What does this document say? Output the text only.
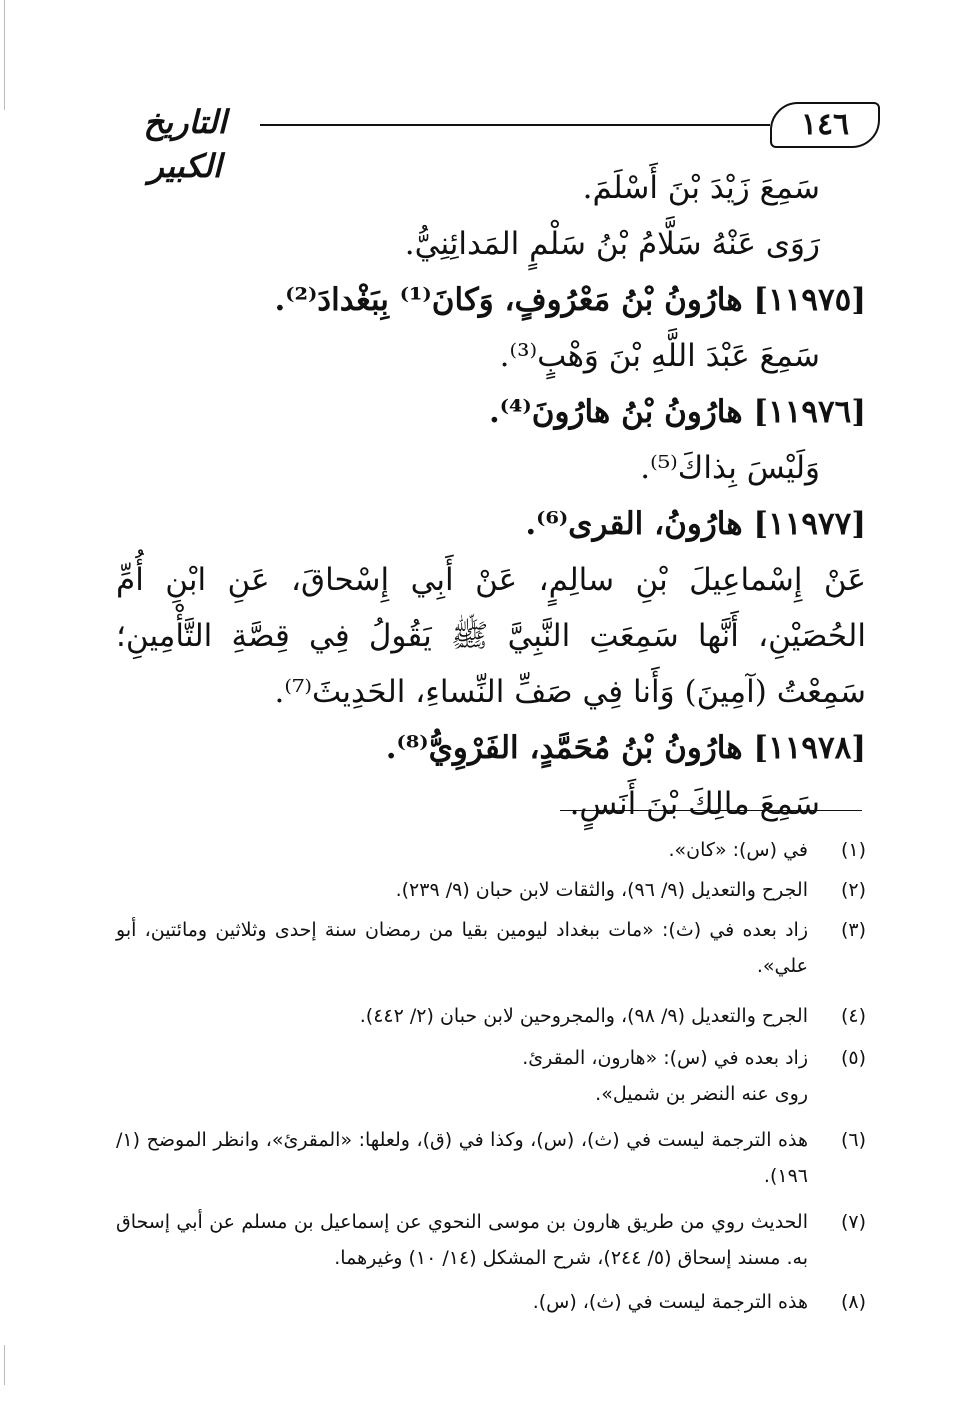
١٤٦
التاريخ الكبير
سَمِعَ زَيْدَ بْنَ أَسْلَمَ.
رَوَى عَنْهُ سَلَّامُ بْنُ سَلْمٍ المَدائِنِيُّ.
[١١٩٧٥] هارُونُ بْنُ مَعْرُوفٍ، وَكانَ⁽¹⁾ بِبَغْدادَ⁽²⁾.
سَمِعَ عَبْدَ اللَّهِ بْنَ وَهْبٍ⁽³⁾.
[١١٩٧٦] هارُونُ بْنُ هارُونَ⁽⁴⁾.
وَلَيْسَ بِذاكَ⁽⁵⁾.
[١١٩٧٧] هارُونُ، القرى⁽⁶⁾.
عَنْ إِسْماعِيلَ بْنِ سالِمٍ، عَنْ أَبِي إِسْحاقَ، عَنِ ابْنِ أُمِّ الحُصَيْنِ، أَنَّها سَمِعَتِ النَّبِيَّ ﷺ يَقُولُ فِي قِصَّةِ التَّأْمِينِ؛ سَمِعْتُ (آمِينَ) وَأَنا فِي صَفِّ النِّساءِ، الحَدِيثَ⁽⁷⁾.
[١١٩٧٨] هارُونُ بْنُ مُحَمَّدٍ، الفَرْوِيُّ⁽⁸⁾.
سَمِعَ مالِكَ بْنَ أَنَسٍ.
(١)
في (س): «كان».
(٢)
الجرح والتعديل (٩/ ٩٦)، والثقات لابن حبان (٩/ ٢٣٩).
(٣)
زاد بعده في (ث): «مات ببغداد ليومين بقيا من رمضان سنة إحدى وثلاثين ومائتين، أبو علي».
(٤)
الجرح والتعديل (٩/ ٩٨)، والمجروحين لابن حبان (٢/ ٤٤٢).
(٥)
زاد بعده في (س): «هارون، المقرئ.
روى عنه النضر بن شميل».
(٦)
هذه الترجمة ليست في (ث)، (س)، وكذا في (ق)، ولعلها: «المقرئ»، وانظر الموضح (١/ ١٩٦).
(٧)
الحديث روي من طريق هارون بن موسى النحوي عن إسماعيل بن مسلم عن أبي إسحاق به. مسند إسحاق (٥/ ٢٤٤)، شرح المشكل (١٤/ ١٠) وغيرهما.
(٨)
هذه الترجمة ليست في (ث)، (س).
